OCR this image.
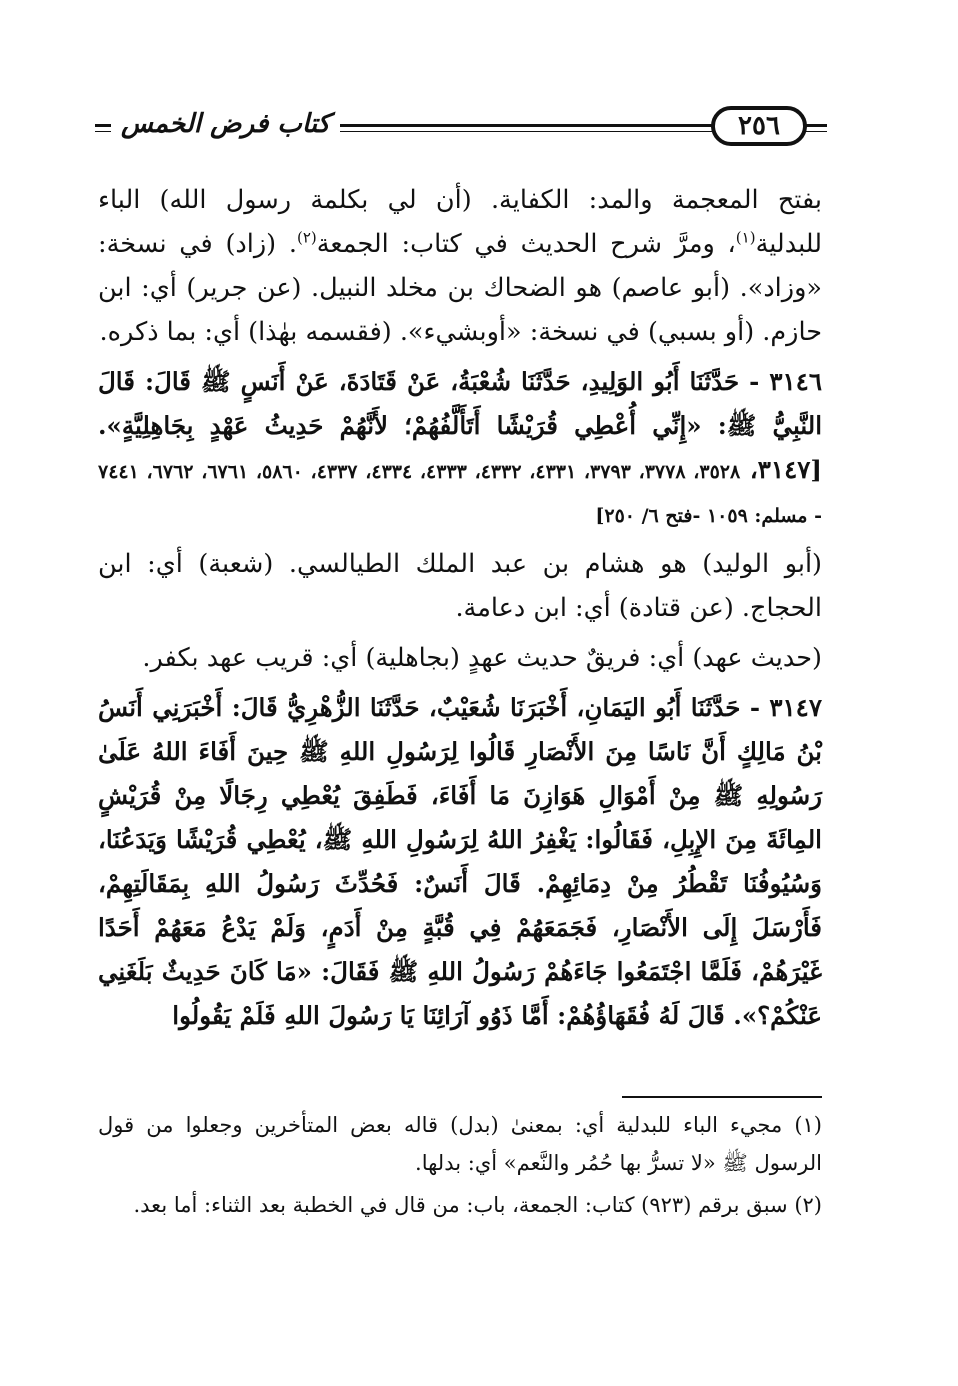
٢٥٦
كتاب فرض الخمس

بفتح المعجمة والمد: الكفاية. (أن لي بكلمة رسول الله) الباء للبدلية$^{(١)}$، ومرَّ شرح الحديث في كتاب: الجمعة$^{(٢)}$. (زاد) في نسخة: «وزاد». (أبو عاصم) هو الضحاك بن مخلد النبيل. (عن جرير) أي: ابن حازم. (أو بسبي) في نسخة: «أوبشيء». (فقسمه بهٰذا) أي: بما ذكره.

٣١٤٦ - حَدَّثَنَا أَبُو الوَلِيدِ، حَدَّثَنَا شُعْبَةُ، عَنْ قَتَادَةَ، عَنْ أَنَسٍ ﷺ قَالَ: قَالَ النَّبِيُّ ﷺ: «إِنِّي أُعْطِي قُرَيْشًا أَتَأَلَّفُهُمْ؛ لأَنَّهُمْ حَدِيثُ عَهْدٍ بِجَاهِلِيَّةٍ». [٣١٤٧، ٣٥٢٨، ٣٧٧٨، ٣٧٩٣، ٤٣٣١، ٤٣٣٢، ٤٣٣٣، ٤٣٣٤، ٤٣٣٧، ٥٨٦٠، ٦٧٦١، ٦٧٦٢، ٧٤٤١ - مسلم: ١٠٥٩ -فتح ٦/ ٢٥٠]

(أبو الوليد) هو هشام بن عبد الملك الطيالسي. (شعبة) أي: ابن الحجاج. (عن قتادة) أي: ابن دعامة.

(حديث عهد) أي: فريقٌ حديث عهدٍ (بجاهلية) أي: قريب عهد بكفر.

٣١٤٧ - حَدَّثَنَا أَبُو اليَمَانِ، أَخْبَرَنَا شُعَيْبٌ، حَدَّثَنَا الزُّهْرِيُّ قَالَ: أَخْبَرَنِي أَنَسُ بْنُ مَالِكٍ أَنَّ نَاسًا مِنَ الأَنْصَارِ قَالُوا لِرَسُولِ اللهِ ﷺ حِينَ أَفَاءَ اللهُ عَلَىٰ رَسُولِهِ ﷺ مِنْ أَمْوَالِ هَوَازِنَ مَا أَفَاءَ، فَطَفِقَ يُعْطِي رِجَالًا مِنْ قُرَيْشٍ المِائَةَ مِنَ الإِبِلِ، فَقَالُوا: يَغْفِرُ اللهُ لِرَسُولِ اللهِ ﷺ، يُعْطِي قُرَيْشًا وَيَدَعُنَا، وَسُيُوفُنَا تَقْطُرُ مِنْ دِمَائِهِمْ. قَالَ أَنَسٌ: فَحُدِّثَ رَسُولُ اللهِ بِمَقَالَتِهِمْ، فَأَرْسَلَ إِلَى الأَنْصَارِ، فَجَمَعَهُمْ فِي قُبَّةٍ مِنْ أَدَمٍ، وَلَمْ يَدْعُ مَعَهُمْ أَحَدًا غَيْرَهُمْ، فَلَمَّا اجْتَمَعُوا جَاءَهُمْ رَسُولُ اللهِ ﷺ فَقَالَ: «مَا كَانَ حَدِيثٌ بَلَغَنِي عَنْكُمْ؟». قَالَ لَهُ فُقَهَاؤُهُمْ: أَمَّا ذَوُو آرَائِنَا يَا رَسُولَ اللهِ فَلَمْ يَقُولُوا

(١) مجيء الباء للبدلية أي: بمعنىٰ (بدل) قاله بعض المتأخرين وجعلوا من قول الرسول ﷺ «لا تسرُّ بها حُمُر والنَّعم» أي: بدلها.

(٢) سبق برقم (٩٢٣) كتاب: الجمعة، باب: من قال في الخطبة بعد الثناء: أما بعد.
